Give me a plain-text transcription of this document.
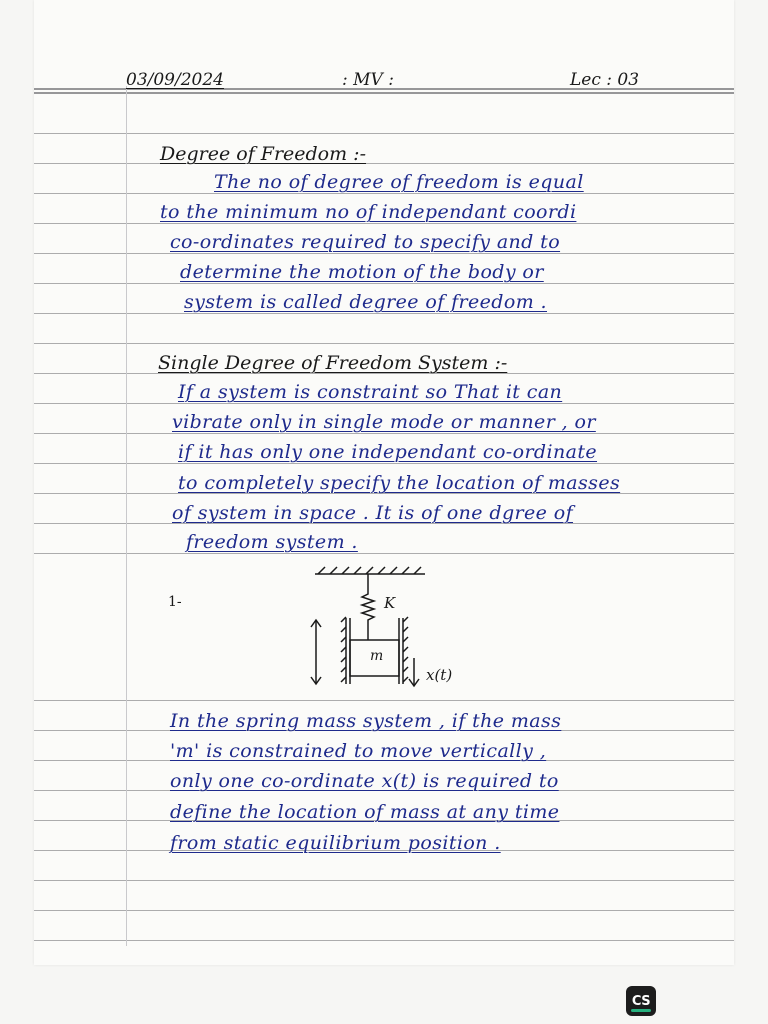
03/09/2024	: MV :	Lec : 03
Degree of Freedom :-
The no of degree of freedom is equal
to the minimum no of independant coordi
co-ordinates required to specify and to
determine the motion of the body or
system is called degree of freedom .
Single Degree of Freedom System :-
If a system is constraint so That it can
vibrate only in single mode or manner , or
if it has only one independant co-ordinate
to completely specify the location of masses
of system in space . It is of one dgree of
freedom system .
1-	K
m
x(t)
In the spring mass system , if the mass
'm' is constrained to move vertically ,
only one co-ordinate x(t) is required to
define the location of mass at any time
from static equilibrium position .
CS
